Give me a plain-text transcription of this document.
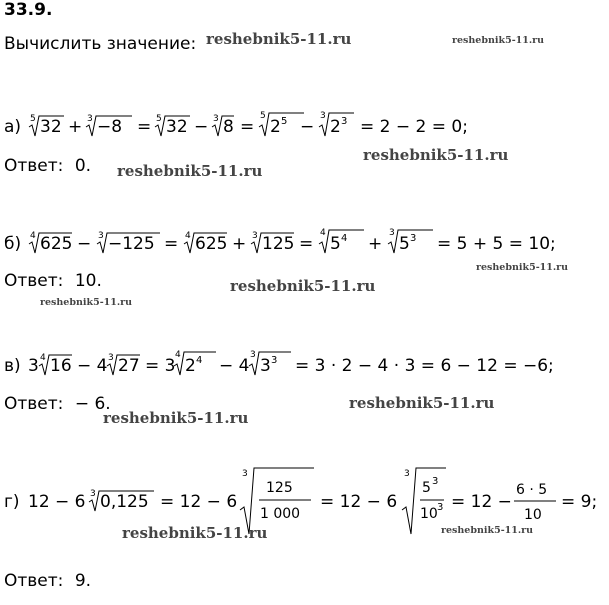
33.9.
Вычислить значение:
а) 5 32 + 3 −8 = 5 32 − 3 8 =
5
2 5 −
3
2 3 = 2 − 2 = 0;
Ответ: 0.
б) 4 625 − 3 −125 = 4 625 + 3 125 =
4
5 4 +
3
5 3 = 5 + 5 = 10;
Ответ: 10.
в) 3 4 16 − 4 3 27 = 3
4
2 4 − 4
3
3 3 = 3 · 2 − 4 · 3 = 6 − 12 = −6;
Ответ: − 6.
г) 12 − 6 3 0,125 = 12 − 6
3
125
1 000
= 12 − 6
3
5 3
10 3 = 12 −
6 · 5
10
= 9;
Ответ: 9.
reshebnik5-11.ru	reshebnik5-11.ru
reshebnik5-11.ru
reshebnik5-11.ru
reshebnik5-11.ru
reshebnik5-11.ru
reshebnik5-11.ru
reshebnik5-11.ru
reshebnik5-11.ru
reshebnik5-11.ru	reshebnik5-11.ru
